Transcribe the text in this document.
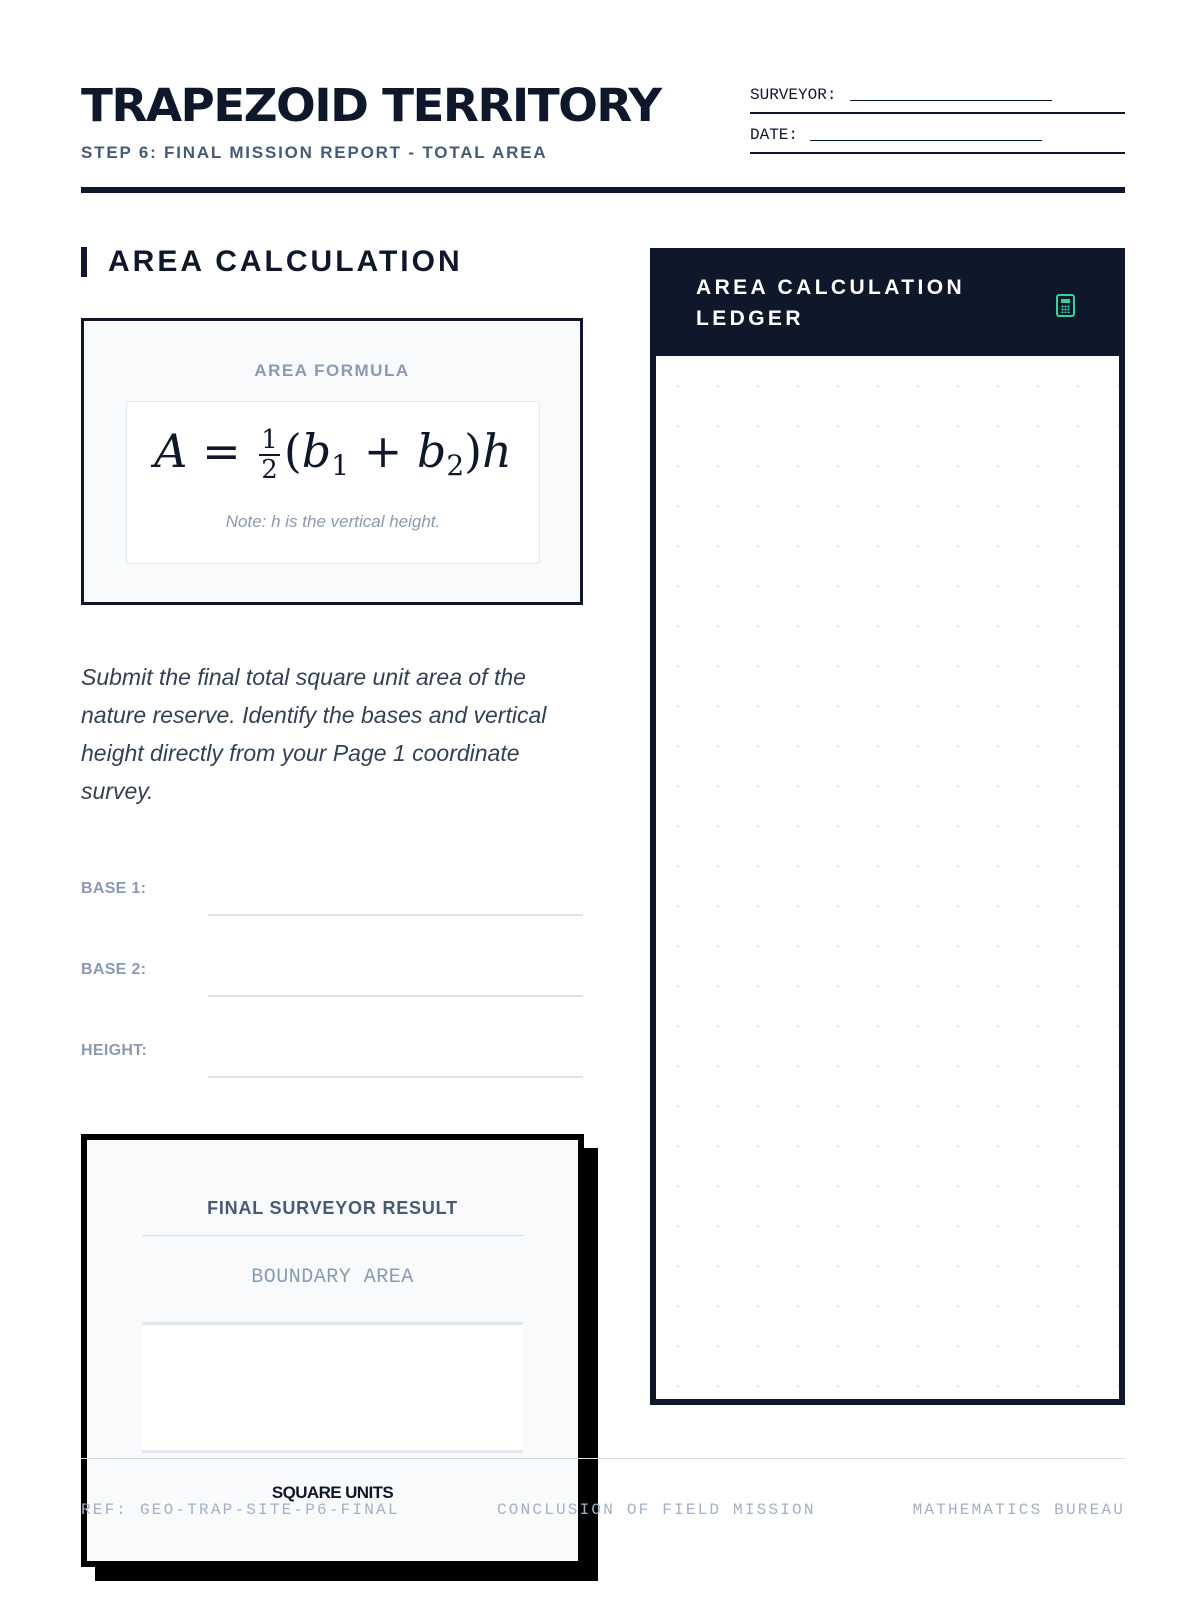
TRAPEZOID TERRITORY
STEP 6: FINAL MISSION REPORT - TOTAL AREA
SURVEYOR:
DATE:
AREA CALCULATION
AREA FORMULA
$A = \frac{1}{2} (b_1 + b_2)h$
Note: h is the vertical height.
Submit the final total square unit area of the nature reserve. Identify the bases and vertical height directly from your Page 1 coordinate survey.
BASE 1:
BASE 2:
HEIGHT:
FINAL SURVEYOR RESULT
BOUNDARY AREA
SQUARE UNITS
AREA CALCULATION LEDGER
REF: GEO-TRAP-SITE-P6-FINAL	CONCLUSION OF FIELD MISSION	MATHEMATICS BUREAU
